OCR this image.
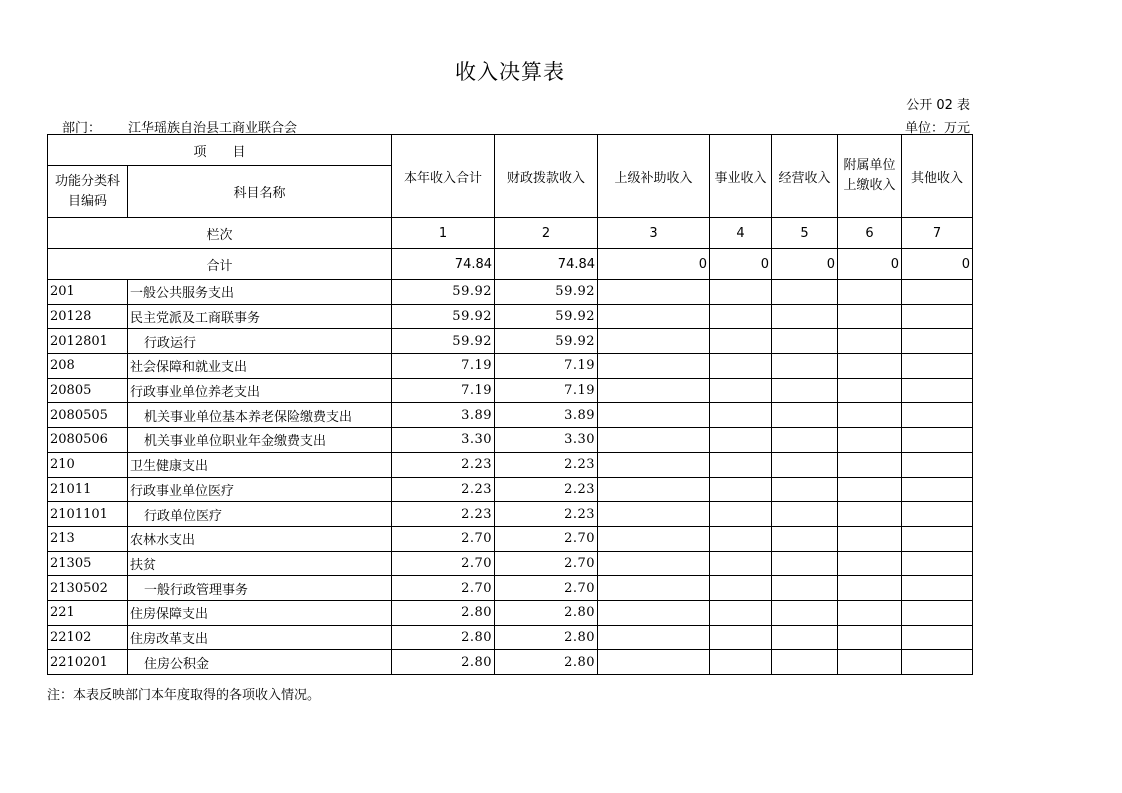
收入决算表
公开 02 表
部门： 江华瑶族自治县工商业联合会	单位：万元
项　　目		本年收入合计	财政拨款收入	上级补助收入	事业收入	经营收入	附属单位上缴收入	其他收入
功能分类科目编码	科目名称							
栏次		1	2	3	4	5	6	7
合计		74.84	74.84	0	0	0	0	0
201	一般公共服务支出	59.92	59.92					
20128	民主党派及工商联事务	59.92	59.92					
2012801	行政运行	59.92	59.92					
208	社会保障和就业支出	7.19	7.19					
20805	行政事业单位养老支出	7.19	7.19					
2080505	机关事业单位基本养老保险缴费支出	3.89	3.89					
2080506	机关事业单位职业年金缴费支出	3.30	3.30					
210	卫生健康支出	2.23	2.23					
21011	行政事业单位医疗	2.23	2.23					
2101101	行政单位医疗	2.23	2.23					
213	农林水支出	2.70	2.70					
21305	扶贫	2.70	2.70					
2130502	一般行政管理事务	2.70	2.70					
221	住房保障支出	2.80	2.80					
22102	住房改革支出	2.80	2.80					
2210201	住房公积金	2.80	2.80					
注：本表反映部门本年度取得的各项收入情况。
